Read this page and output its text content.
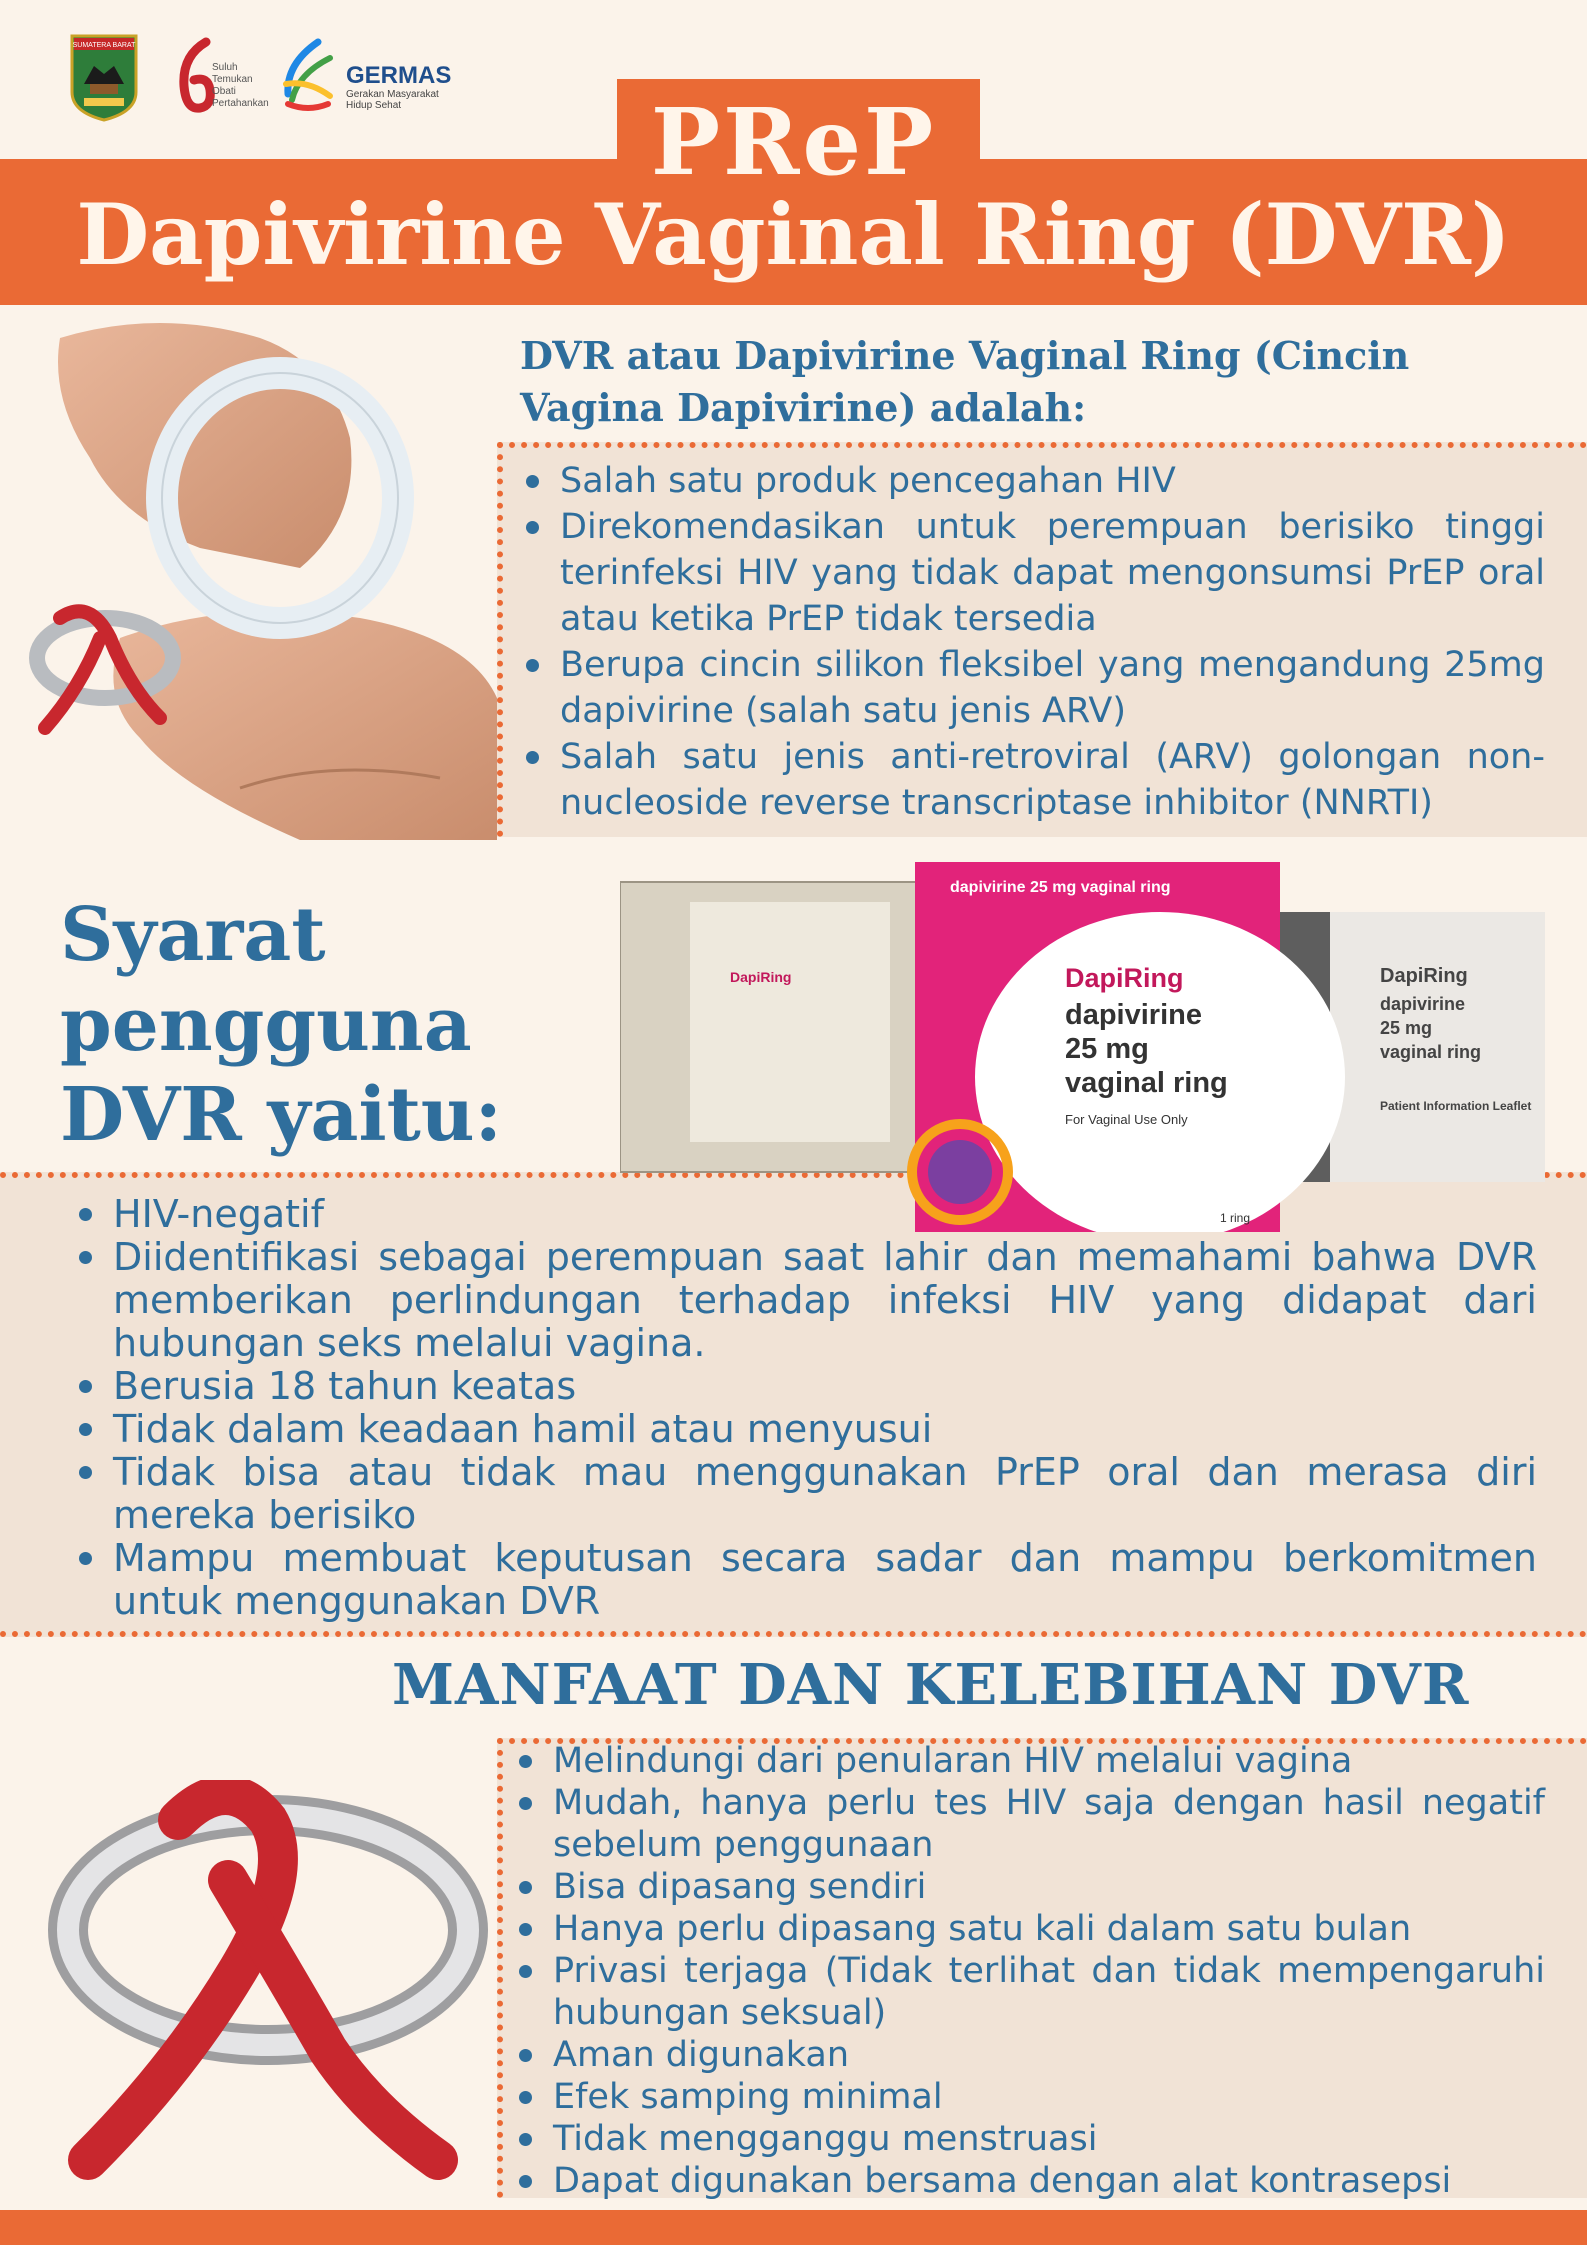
SUMATERA BARAT
Suluh
Temukan
Obati
Pertahankan
GERMAS
Gerakan Masyarakat
Hidup Sehat	PReP
Dapivirine Vaginal Ring (DVR)
DVR atau Dapivirine Vaginal Ring (Cincin
Vagina Dapivirine) adalah:
Salah satu produk pencegahan HIV
Direkomendasikan untuk perempuan berisiko tinggi terinfeksi HIV yang tidak dapat mengonsumsi PrEP oral atau ketika PrEP tidak tersedia
Berupa cincin silikon fleksibel yang mengandung 25mg dapivirine (salah satu jenis ARV)
Salah satu jenis anti-retroviral (ARV) golongan non-nucleoside reverse transcriptase inhibitor (NNRTI)
Syarat
pengguna
DVR yaitu:
DapiRing	DapiRing
dapivirine
25 mg
vaginal ring
Patient Information Leaflet
dapivirine 25 mg vaginal ring
DapiRing
dapivirine
25 mg
vaginal ring
For Vaginal Use Only
1 ring
HIV-negatif
Diidentifikasi sebagai perempuan saat lahir dan memahami bahwa DVR memberikan perlindungan terhadap infeksi HIV yang didapat dari hubungan seks melalui vagina.
Berusia 18 tahun keatas
Tidak dalam keadaan hamil atau menyusui
Tidak bisa atau tidak mau menggunakan PrEP oral dan merasa diri mereka berisiko
Mampu membuat keputusan secara sadar dan mampu berkomitmen untuk menggunakan DVR
MANFAAT DAN KELEBIHAN DVR
Melindungi dari penularan HIV melalui vagina
Mudah, hanya perlu tes HIV saja dengan hasil negatif sebelum penggunaan
Bisa dipasang sendiri
Hanya perlu dipasang satu kali dalam satu bulan
Privasi terjaga (Tidak terlihat dan tidak mempengaruhi hubungan seksual)
Aman digunakan
Efek samping minimal
Tidak mengganggu menstruasi
Dapat digunakan bersama dengan alat kontrasepsi
